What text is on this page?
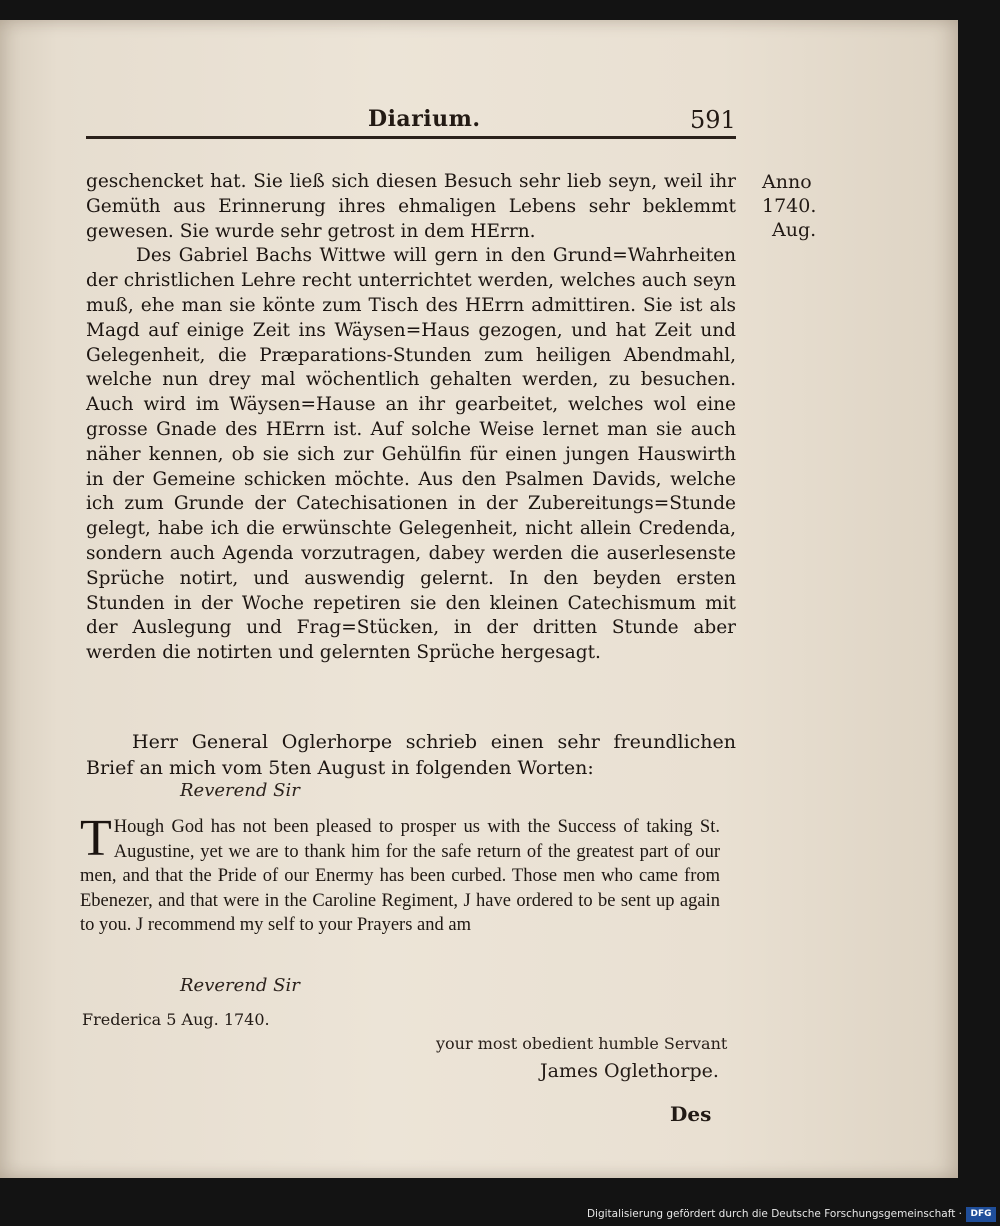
Diarium.	591
Anno 1740.
Aug.

geschencket hat. Sie ließ sich diesen Besuch sehr lieb seyn, weil ihr Gemüth aus Erinnerung ihres ehmaligen Lebens sehr beklemmt gewesen. Sie wurde sehr getrost in dem HErrn.

Des Gabriel Bachs Wittwe will gern in den Grund=Wahrheiten der christlichen Lehre recht unterrichtet werden, welches auch seyn muß, ehe man sie könte zum Tisch des HErrn admittiren. Sie ist als Magd auf einige Zeit ins Wäysen=Haus gezogen, und hat Zeit und Gelegenheit, die Præparations-Stunden zum heiligen Abendmahl, welche nun drey mal wöchentlich gehalten werden, zu besuchen. Auch wird im Wäysen=Hause an ihr gearbeitet, welches wol eine grosse Gnade des HErrn ist. Auf solche Weise lernet man sie auch näher kennen, ob sie sich zur Gehülfin für einen jungen Hauswirth in der Gemeine schicken möchte. Aus den Psalmen Davids, welche ich zum Grunde der Catechisationen in der Zubereitungs=Stunde gelegt, habe ich die erwünschte Gelegenheit, nicht allein Credenda, sondern auch Agenda vorzutragen, dabey werden die auserlesenste Sprüche notirt, und auswendig gelernt. In den beyden ersten Stunden in der Woche repetiren sie den kleinen Catechismum mit der Auslegung und Frag=Stücken, in der dritten Stunde aber werden die notirten und gelernten Sprüche hergesagt.

Herr General Oglerhorpe schrieb einen sehr freundlichen Brief an mich vom 5ten August in folgenden Worten:

Reverend Sir
T Hough God has not been pleased to prosper us with the Success of taking St. Augustine, yet we are to thank him for the safe return of the greatest part of our men, and that the Pride of our Enermy has been curbed. Those men who came from Ebenezer, and that were in the Caroline Regiment, J have ordered to be sent up again to you. J recommend my self to your Prayers and am
Reverend Sir
Frederica 5 Aug. 1740.
your most obedient humble Servant
James Oglethorpe.
Des
Digitalisierung gefördert durch die Deutsche Forschungsgemeinschaft · DFG
